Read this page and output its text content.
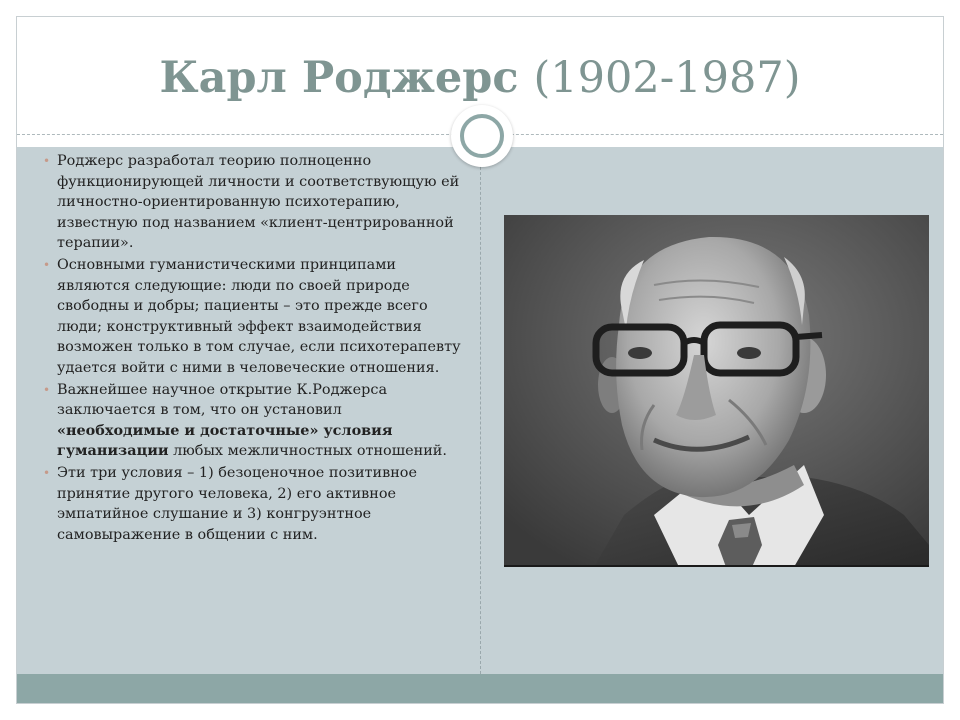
Карл Роджерс (1902-1987)
• Роджерс разработал теорию полноценно функционирующей личности и соответствующую ей личностно-ориентированную психотерапию, известную под названием «клиент-центрированной терапии».
• Основными гуманистическими принципами являются следующие: люди по своей природе свободны и добры; пациенты – это прежде всего люди; конструктивный эффект взаимодействия возможен только в том случае, если психотерапевту удается войти с ними в человеческие отношения.
• Важнейшее научное открытие К.Роджерса заключается в том, что он установил «необходимые и достаточные» условия гуманизации любых межличностных отношений.
• Эти три условия – 1) безоценочное позитивное принятие другого человека, 2) его активное эмпатийное слушание и 3) конгруэнтное самовыражение в общении с ним.
